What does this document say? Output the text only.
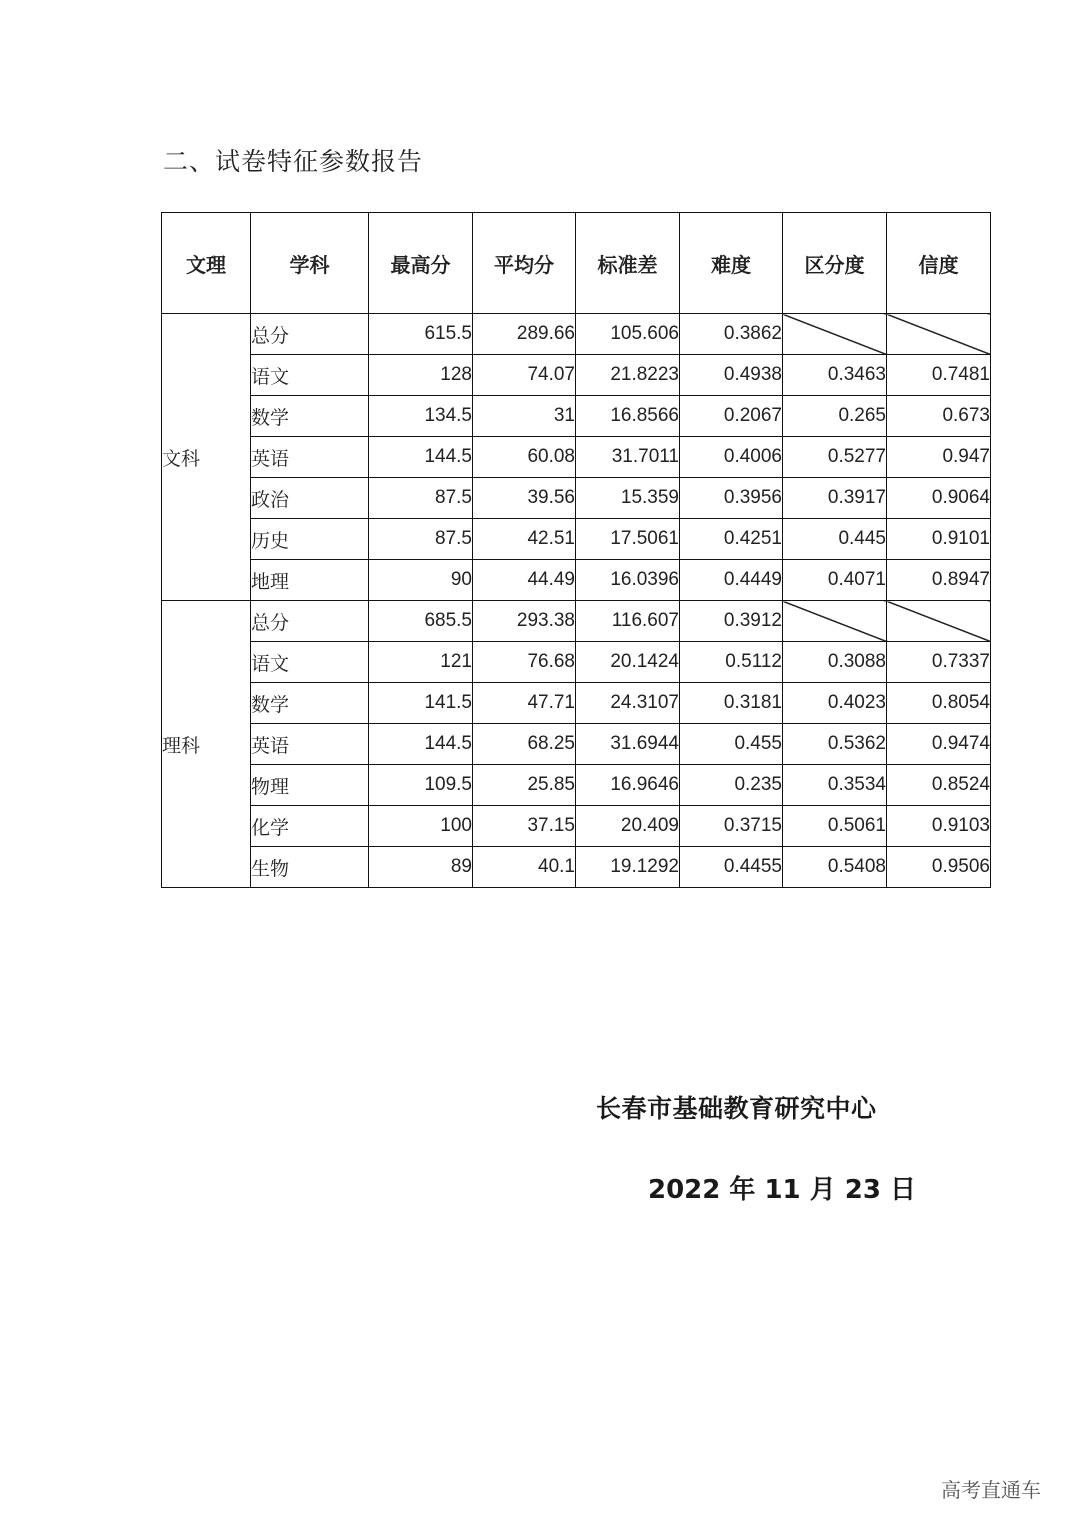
二、试卷特征参数报告
文理	学科	最高分	平均分	标准差	难度	区分度	信度
文科	总分	615.5	289.66	105.606	0.3862		
	语文	128	74.07	21.8223	0.4938	0.3463	0.7481
	数学	134.5	31	16.8566	0.2067	0.265	0.673
	英语	144.5	60.08	31.7011	0.4006	0.5277	0.947
	政治	87.5	39.56	15.359	0.3956	0.3917	0.9064
	历史	87.5	42.51	17.5061	0.4251	0.445	0.9101
	地理	90	44.49	16.0396	0.4449	0.4071	0.8947
理科	总分	685.5	293.38	116.607	0.3912		
	语文	121	76.68	20.1424	0.5112	0.3088	0.7337
	数学	141.5	47.71	24.3107	0.3181	0.4023	0.8054
	英语	144.5	68.25	31.6944	0.455	0.5362	0.9474
	物理	109.5	25.85	16.9646	0.235	0.3534	0.8524
	化学	100	37.15	20.409	0.3715	0.5061	0.9103
	生物	89	40.1	19.1292	0.4455	0.5408	0.9506
长春市基础教育研究中心
2022 年 11 月 23 日
高考直通车
